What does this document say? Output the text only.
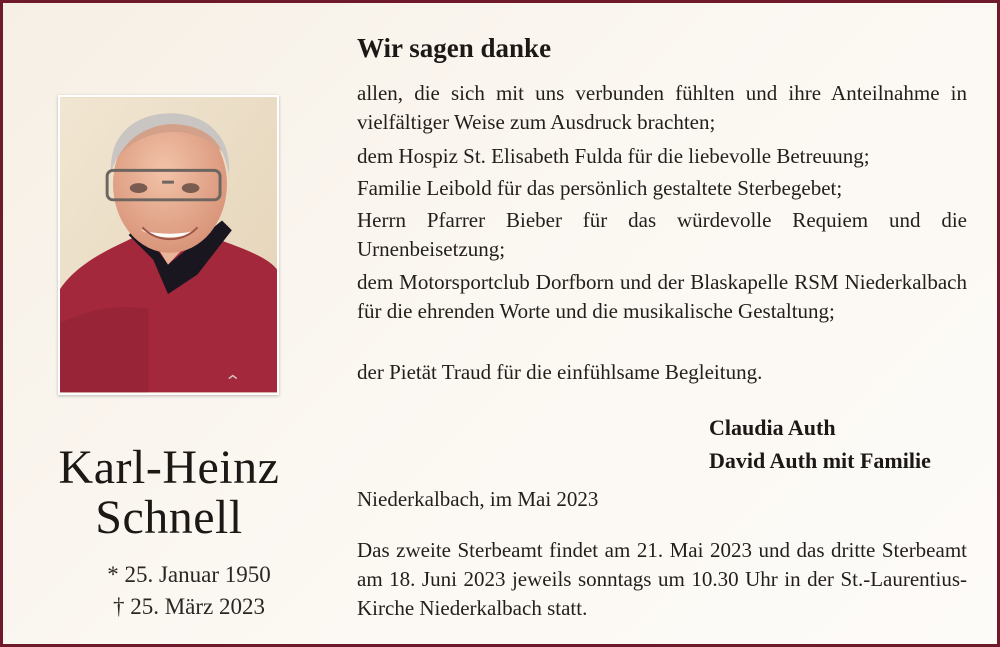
Karl-Heinz
Schnell
* 25. Januar 1950
† 25. März 2023
Wir sagen danke
allen, die sich mit uns verbunden fühlten und ihre Anteilnahme in vielfältiger Weise zum Ausdruck brachten;
dem Hospiz St. Elisabeth Fulda für die liebevolle Betreuung;
Familie Leibold für das persönlich gestaltete Sterbegebet;
Herrn Pfarrer Bieber für das würdevolle Requiem und die Urnenbeisetzung;
dem Motorsportclub Dorfborn und der Blaskapelle RSM Niederkalbach für die ehrenden Worte und die musikalische Gestaltung;
der Pietät Traud für die einfühlsame Begleitung.
Claudia Auth
David Auth mit Familie
Niederkalbach, im Mai 2023
Das zweite Sterbeamt findet am 21. Mai 2023 und das dritte Sterbeamt am 18. Juni 2023 jeweils sonntags um 10.30 Uhr in der St.-Laurentius-Kirche Niederkalbach statt.
